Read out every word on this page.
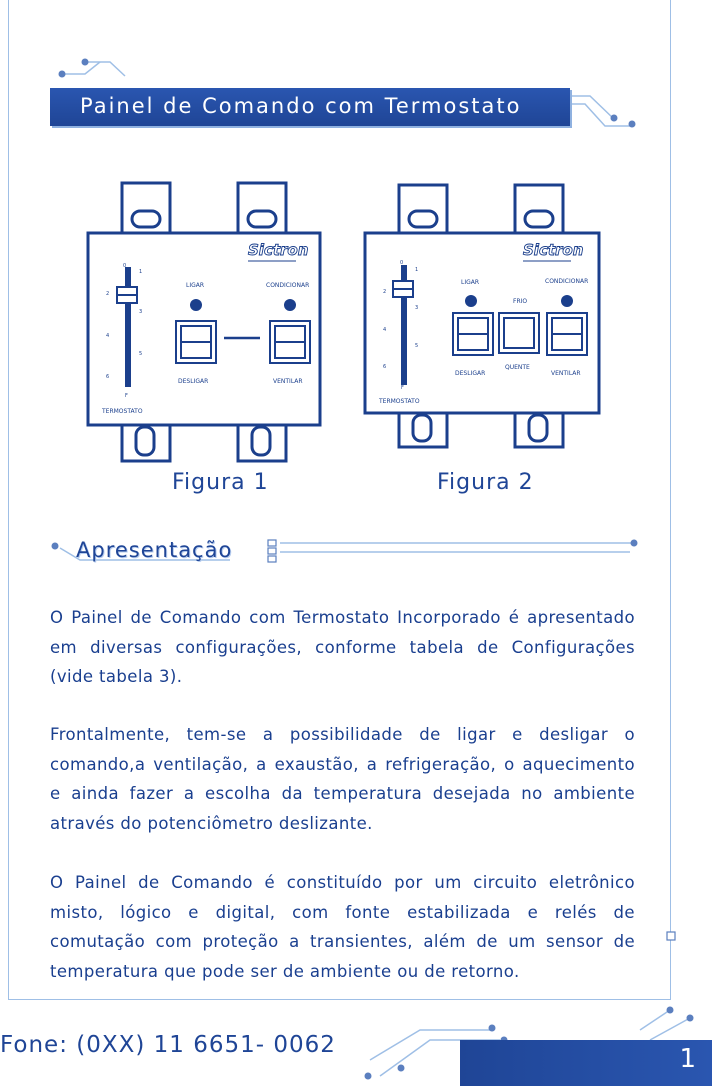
Painel de Comando com Termostato
0
1
2
3
4
5
6
F
TERMOSTATO
Sictron
LIGAR
DESLIGAR
CONDICIONAR
VENTILAR
0
1
2
3
4
5
6
F
TERMOSTATO
Sictron
LIGAR
DESLIGAR
FRIO
QUENTE
CONDICIONAR
VENTILAR
Figura 1	Figura 2
Apresentação
O Painel de Comando com Termostato Incorporado é apresentado em diversas configurações, conforme tabela de Configurações (vide tabela 3).
Frontalmente, tem-se a possibilidade de ligar e desligar o comando,a ventilação, a exaustão, a refrigeração, o aquecimento e ainda fazer a escolha da temperatura desejada no ambiente através do potenciômetro deslizante.
O Painel de Comando é constituído por um circuito eletrônico misto, lógico e digital, com fonte estabilizada e relés de comutação com proteção a transientes, além de um sensor de temperatura que pode ser de ambiente ou de retorno.
Fone: (0XX) 11 6651- 0062	1
